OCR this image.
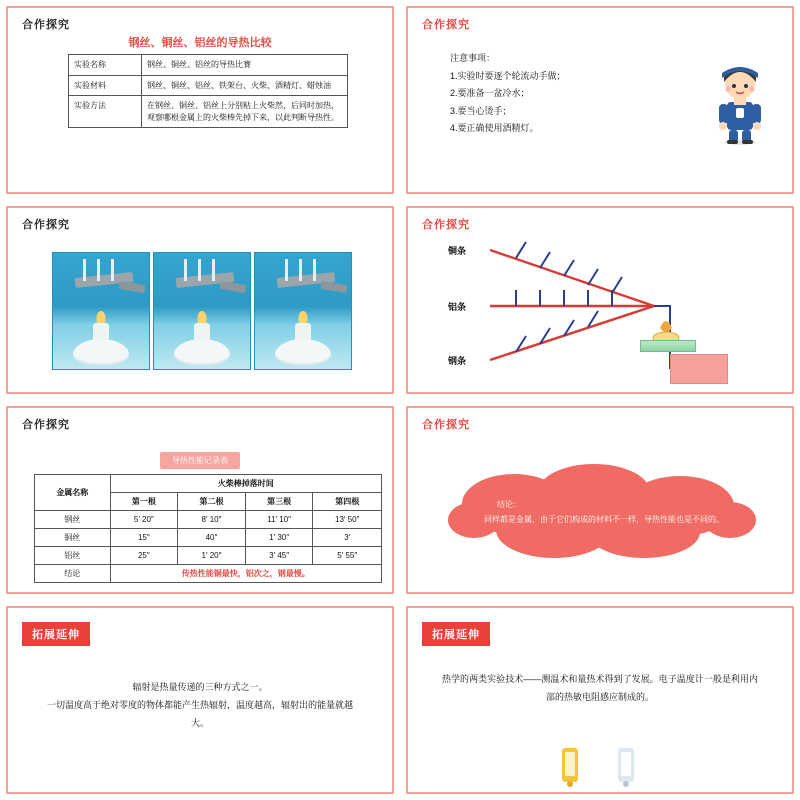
合作探究
钢丝、铜丝、铝丝的导热比较
实验名称	钢丝、铜丝、铝丝的导热比赛
实验材料	钢丝、铜丝、铝丝、铁架台、火柴、酒精灯、蜡烛油
实验方法	在钢丝、铜丝、铝丝上分别粘上火柴然，后同时加热，观察哪根金属上的火柴棒先掉下来，以此判断导热性。
合作探究
注意事项：
1.实验时要逐个轮流动手做；
2.要准备一盆冷水；
3.要当心烫手；
4.要正确使用酒精灯。
合作探究	合作探究
铜条
铝条
钢条
合作探究
导热性能记录表
金属名称	火柴棒掉落时间			
	第一根	第二根	第三根	第四根
钢丝	5′ 20″	8′ 10″	11′ 10″	13′ 50″
铜丝	15″	40″	1′ 30″	3′
铝丝	25″	1′ 20″	3′ 45″	5′ 55″
结论	传热性能铜最快，铝次之，钢最慢。			
合作探究
结论：
同样都是金属，由于它们构成的材料不一样，导热性能也是不同的。
拓展延伸
辐射是热量传递的三种方式之一。
一切温度高于绝对零度的物体都能产生热辐射，温度越高，辐射出的能量就越大。
拓展延伸
热学的两类实验技术——测温术和量热术得到了发展。电子温度计一般是利用内部的热敏电阻感应制成的。
